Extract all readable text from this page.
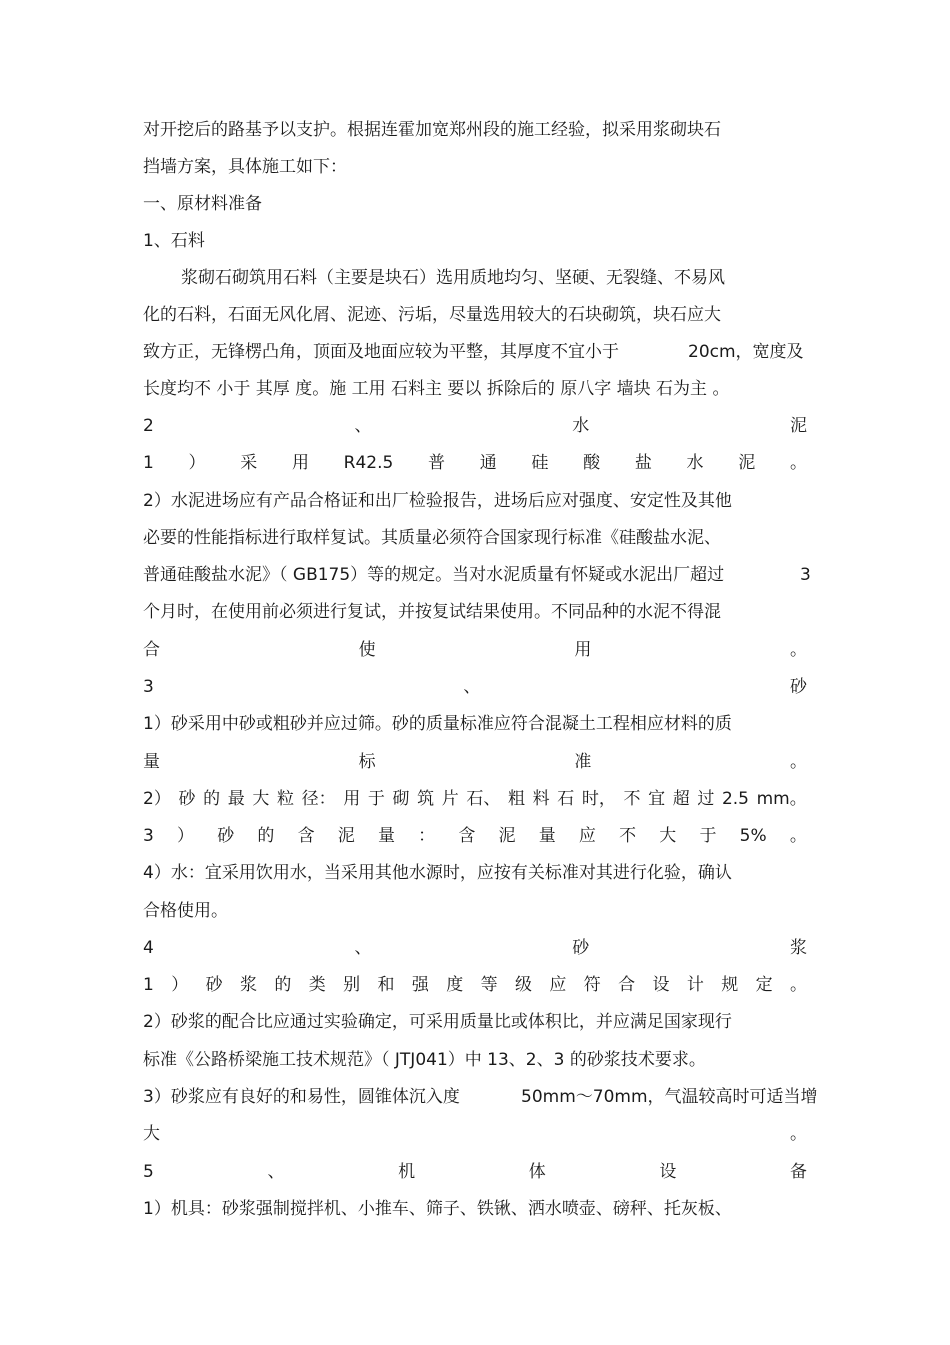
对开挖后的路基予以支护。根据连霍加宽郑州段的施工经验，拟采用浆砌块石
挡墙方案，具体施工如下：
一、原材料准备
1、石料
浆砌石砌筑用石料（主要是块石）选用质地均匀、坚硬、无裂缝、不易风
化的石料，石面无风化屑、泥迹、污垢，尽量选用较大的石块砌筑，块石应大
致方正，无锋楞凸角，顶面及地面应较为平整，其厚度不宜小于	20cm，宽度及
长度均不 小于 其厚 度。施 工用 石料主 要以 拆除后的 原八字 墙块 石为主 。
2	、	水	泥
1 ） 采 用 R42.5 普 通 硅 酸 盐 水 泥 。
2）水泥进场应有产品合格证和出厂检验报告，进场后应对强度、安定性及其他
必要的性能指标进行取样复试。其质量必须符合国家现行标准《硅酸盐水泥、
普通硅酸盐水泥》（ GB175）等的规定。当对水泥质量有怀疑或水泥出厂超过	3
个月时，在使用前必须进行复试，并按复试结果使用。不同品种的水泥不得混
合	使	用	。
3	、	砂
1）砂采用中砂或粗砂并应过筛。砂的质量标准应符合混凝土工程相应材料的质
量	标	准	。
2） 砂 的 最 大 粒 径： 用 于 砌 筑 片 石、 粗 料 石 时， 不 宜 超 过 2.5 mm。
3 ） 砂 的 含 泥 量 ： 含 泥 量 应 不 大 于 5% 。
4）水：宜采用饮用水，当采用其他水源时，应按有关标准对其进行化验，确认
合格使用。
4	、	砂	浆
1 ） 砂 浆 的 类 别 和 强 度 等 级 应 符 合 设 计 规 定 。
2）砂浆的配合比应通过实验确定，可采用质量比或体积比，并应满足国家现行
标准《公路桥梁施工技术规范》（ JTJ041）中 13、2、3 的砂浆技术要求。
3）砂浆应有良好的和易性，圆锥体沉入度	50mm～70mm，气温较高时可适当增
大	。
5	、	机	体	设	备
1）机具：砂浆强制搅拌机、小推车、筛子、铁锹、洒水喷壶、磅秤、托灰板、
